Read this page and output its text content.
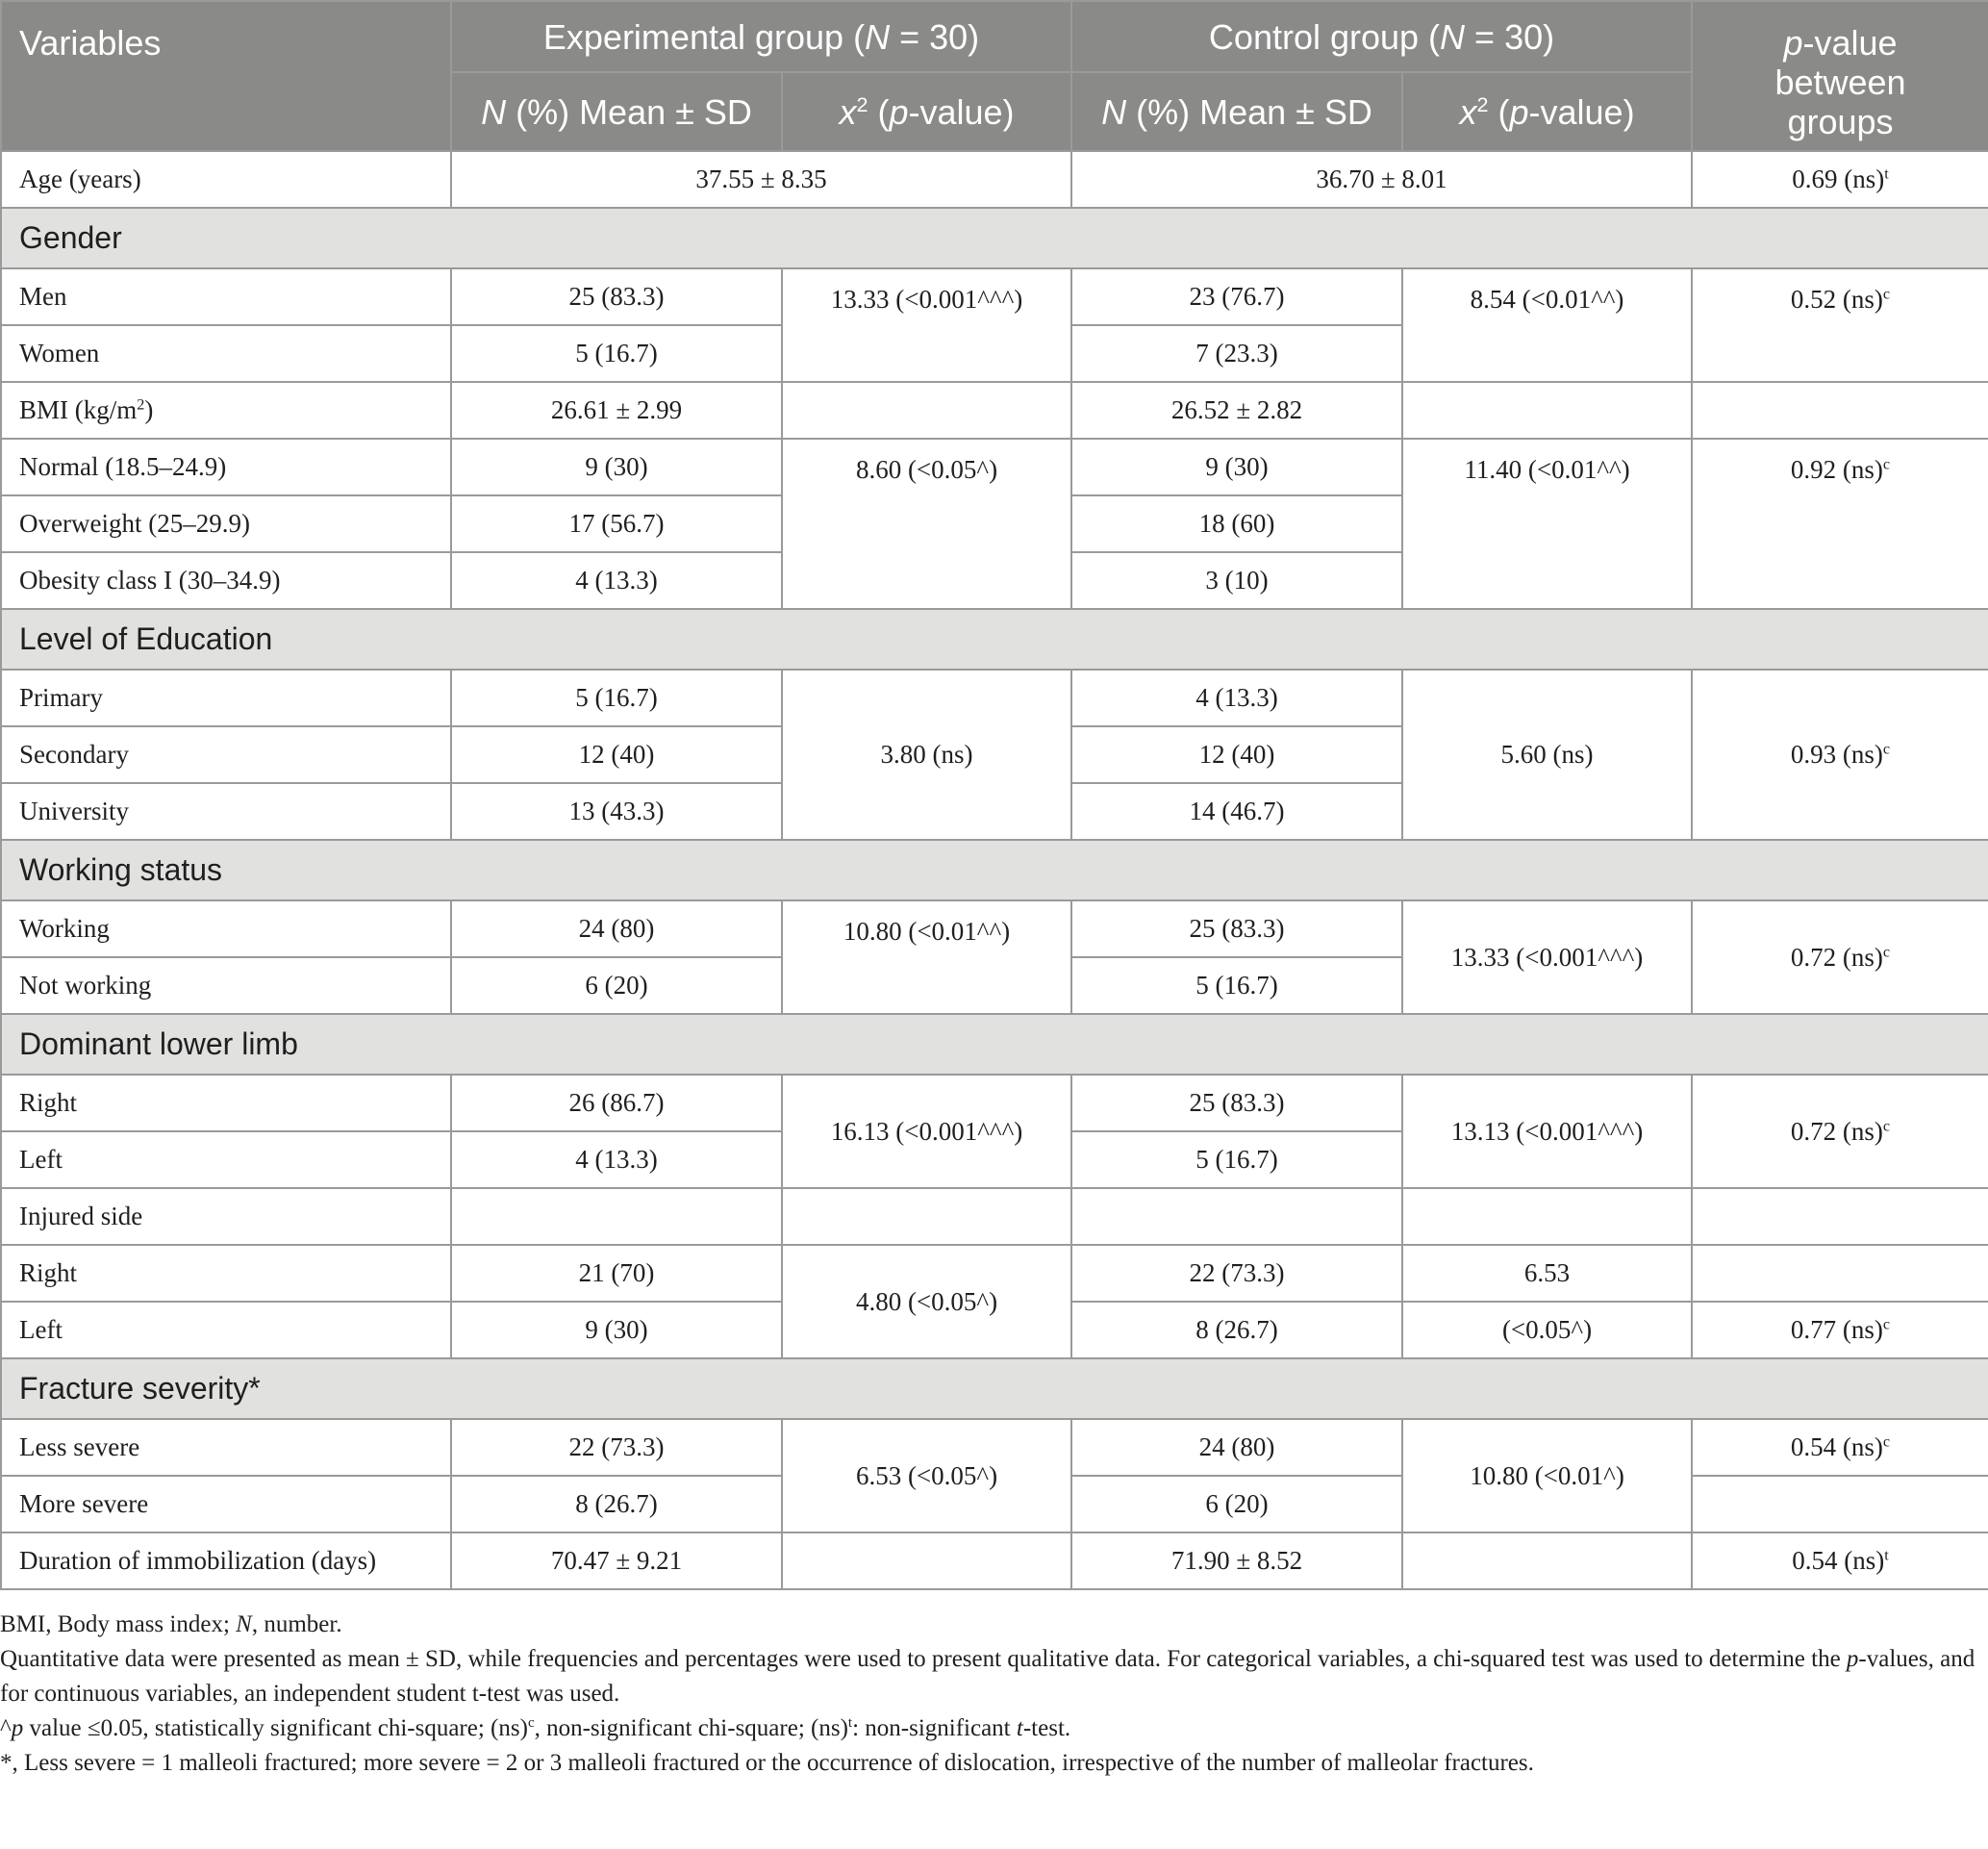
Variables	Experimental group (N = 30)		Control group (N = 30)		p-value
between
groups
	N (%) Mean ± SD	$x^2$ (p-value)	N (%) Mean ± SD	$x^2$ (p-value)	
Age (years)	37.55 ± 8.35		36.70 ± 8.01		0.69 (ns)$^t$
Gender					
Men	25 (83.3)	13.33 (<0.001^^^)	23 (76.7)	8.54 (<0.01^^)	0.52 (ns)$^c$
Women	5 (16.7)		7 (23.3)		
BMI $(kg/m^2)$	26.61 ± 2.99		26.52 ± 2.82		
Normal (18.5–24.9)	9 (30)	8.60 (<0.05^)	9 (30)	11.40 (<0.01^^)	0.92 (ns)$^c$
Overweight (25–29.9)	17 (56.7)		18 (60)		
Obesity class I (30–34.9)	4 (13.3)		3 (10)		
Level of Education					
Primary	5 (16.7)	3.80 (ns)	4 (13.3)	5.60 (ns)	0.93 (ns)$^c$
Secondary	12 (40)		12 (40)		
University	13 (43.3)		14 (46.7)		
Working status					
Working	24 (80)	10.80 (<0.01^^)	25 (83.3)	13.33 (<0.001^^^)	0.72 (ns)$^c$
Not working	6 (20)		5 (16.7)		
Dominant lower limb					
Right	26 (86.7)	16.13 (<0.001^^^)	25 (83.3)	13.13 (<0.001^^^)	0.72 (ns)$^c$
Left	4 (13.3)		5 (16.7)		
Injured side					
Right	21 (70)	4.80 (<0.05^)	22 (73.3)	6.53	
Left	9 (30)		8 (26.7)	(<0.05^)	0.77 (ns)$^c$
Fracture severity*					
Less severe	22 (73.3)	6.53 (<0.05^)	24 (80)	10.80 (<0.01^)	0.54 (ns)$^c$
More severe	8 (26.7)		6 (20)		
Duration of immobilization (days)	70.47 ± 9.21		71.90 ± 8.52		0.54 (ns)$^t$

BMI, Body mass index; N, number.

Quantitative data were presented as mean ± SD, while frequencies and percentages were used to present qualitative data. For categorical variables, a chi-squared test was used to determine the p-values, and for continuous variables, an independent student t-test was used.

^p value ≤0.05, statistically significant chi-square; (ns)$^c$, non-significant chi-square; (ns)$^t$: non-significant t-test.

*, Less severe = 1 malleoli fractured; more severe = 2 or 3 malleoli fractured or the occurrence of dislocation, irrespective of the number of malleolar fractures.
